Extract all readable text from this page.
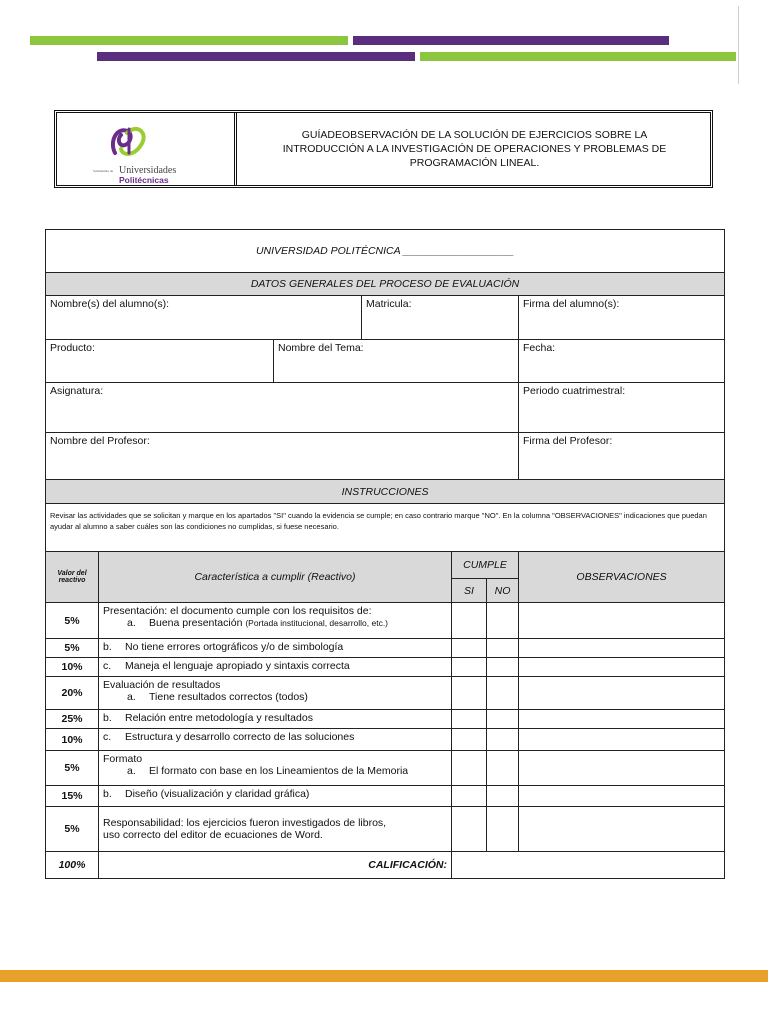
Subsistema de Universidades
Politécnicas
GUÍADEOBSERVACIÓN DE LA SOLUCIÓN DE EJERCICIOS SOBRE LA INTRODUCCIÓN A LA INVESTIGACIÓN DE OPERACIONES Y PROBLEMAS DE PROGRAMACIÓN LINEAL.
UNIVERSIDAD POLITÉCNICA ___________________						
DATOS GENERALES DEL PROCESO DE EVALUACIÓN						
Nombre(s) del alumno(s):			Matricula:			Firma del alumno(s):
Producto:		Nombre del Tema:				Fecha:
Asignatura:						Periodo cuatrimestral:
Nombre del Profesor:						Firma del Profesor:
INSTRUCCIONES						
Revisar las actividades que se solicitan y marque en los apartados "SI" cuando la evidencia se cumple; en caso contrario marque "NO". En la columna "OBSERVACIONES" indicaciones que puedan ayudar al alumno a saber cuáles son las condiciones no cumplidas, si fuese necesario.						
Valor del reactivo	Característica a cumplir (Reactivo)			CUMPLE		OBSERVACIONES
				SI	NO	
5%	Presentación: el documento cumple con los requisitos de:
a. Buena presentación (Portada institucional, desarrollo, etc.)					

5%	b. No tiene errores ortográficos y/o de simbología					
10%	c. Maneja el lenguaje apropiado y sintaxis correcta					
20%	Evaluación de resultados
a. Tiene resultados correctos (todos)					

25%	b. Relación entre metodología y resultados					
10%	c. Estructura y desarrollo correcto de las soluciones					
5%	Formato
a. El formato con base en los Lineamientos de la Memoria					

15%	b. Diseño (visualización y claridad gráfica)					
5%	Responsabilidad: los ejercicios fueron investigados de libros, uso correcto del editor de ecuaciones de Word.					
100%	CALIFICACIÓN:					
